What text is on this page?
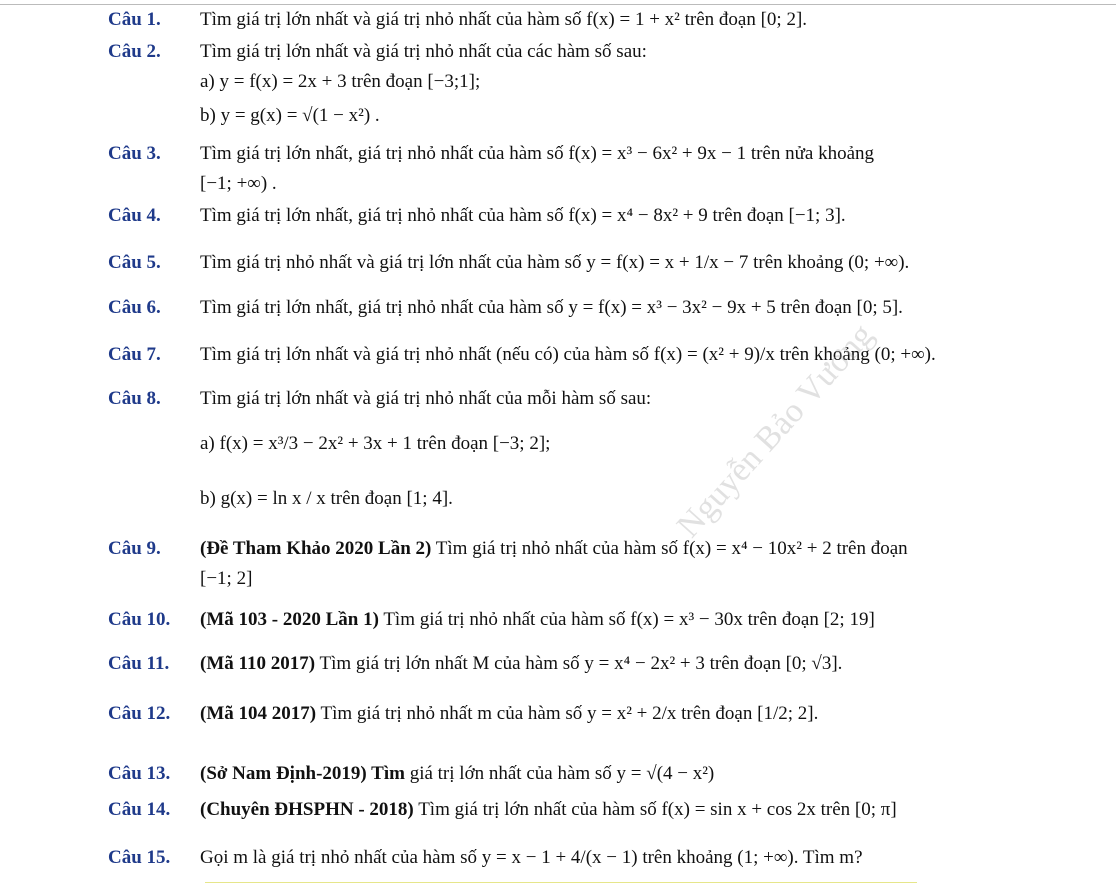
Câu 1. Tìm giá trị lớn nhất và giá trị nhỏ nhất của hàm số f(x) = 1 + x² trên đoạn [0; 2].
Câu 2. Tìm giá trị lớn nhất và giá trị nhỏ nhất của các hàm số sau:
a) y = f(x) = 2x + 3 trên đoạn [−3;1];
b) y = g(x) = √(1 − x²) .
Câu 3. Tìm giá trị lớn nhất, giá trị nhỏ nhất của hàm số f(x) = x³ − 6x² + 9x − 1 trên nửa khoảng
[−1; +∞) .
Câu 4. Tìm giá trị lớn nhất, giá trị nhỏ nhất của hàm số f(x) = x⁴ − 8x² + 9 trên đoạn [−1; 3].
Câu 5. Tìm giá trị nhỏ nhất và giá trị lớn nhất của hàm số y = f(x) = x + 1/x − 7 trên khoảng (0; +∞).
Câu 6. Tìm giá trị lớn nhất, giá trị nhỏ nhất của hàm số y = f(x) = x³ − 3x² − 9x + 5 trên đoạn [0; 5].
Câu 7. Tìm giá trị lớn nhất và giá trị nhỏ nhất (nếu có) của hàm số f(x) = (x² + 9)/x trên khoảng (0; +∞).
Câu 8. Tìm giá trị lớn nhất và giá trị nhỏ nhất của mỗi hàm số sau:
a) f(x) = x³/3 − 2x² + 3x + 1 trên đoạn [−3; 2];
b) g(x) = ln x / x trên đoạn [1; 4].
Câu 9. (Đề Tham Khảo 2020 Lần 2) Tìm giá trị nhỏ nhất của hàm số f(x) = x⁴ − 10x² + 2 trên đoạn
[−1; 2]
Câu 10. (Mã 103 - 2020 Lần 1) Tìm giá trị nhỏ nhất của hàm số f(x) = x³ − 30x trên đoạn [2; 19]
Câu 11. (Mã 110 2017) Tìm giá trị lớn nhất M của hàm số y = x⁴ − 2x² + 3 trên đoạn [0; √3].
Câu 12. (Mã 104 2017) Tìm giá trị nhỏ nhất m của hàm số y = x² + 2/x trên đoạn [1/2; 2].
Câu 13. (Sở Nam Định-2019) Tìm giá trị lớn nhất của hàm số y = √(4 − x²)
Câu 14. (Chuyên ĐHSPHN - 2018) Tìm giá trị lớn nhất của hàm số f(x) = sin x + cos 2x trên [0; π]
Câu 15. Gọi m là giá trị nhỏ nhất của hàm số y = x − 1 + 4/(x − 1) trên khoảng (1; +∞). Tìm m?
Nguyễn Bảo Vương
